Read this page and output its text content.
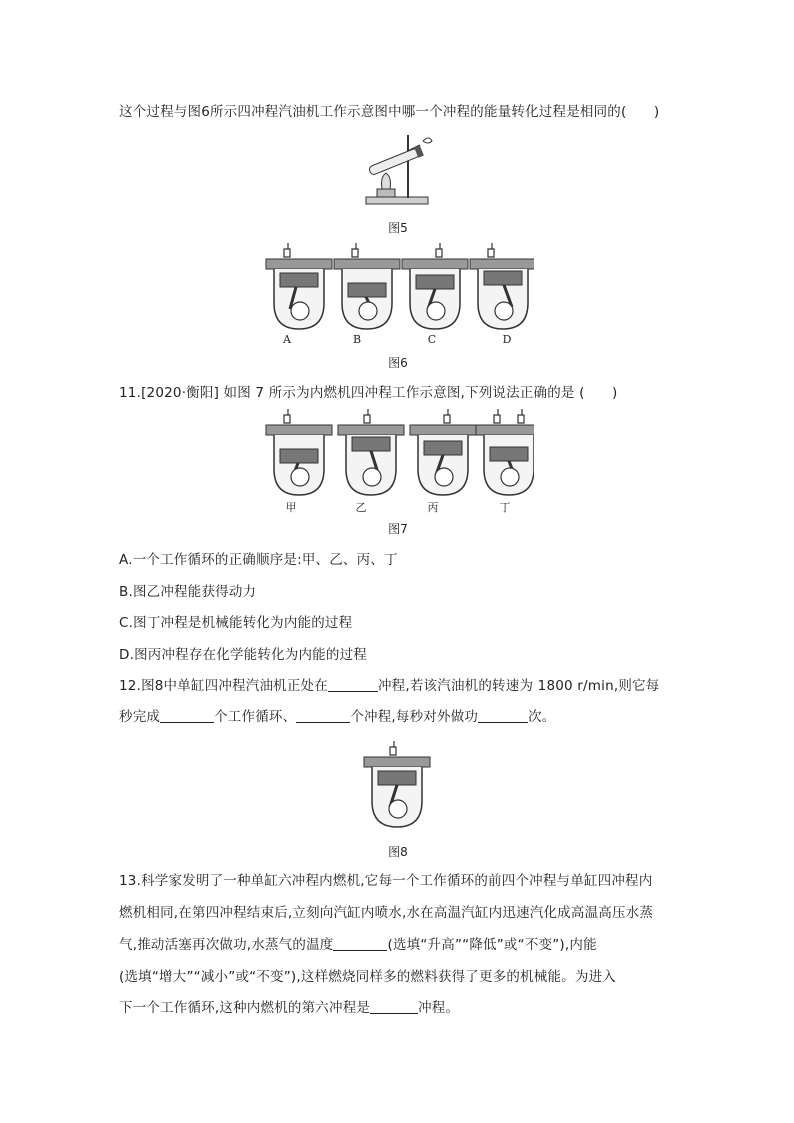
这个过程与图6所示四冲程汽油机工作示意图中哪一个冲程的能量转化过程是相同的(　　)
图5
A	B	C	D
图6
11.[2020·衡阳] 如图 7 所示为内燃机四冲程工作示意图,下列说法正确的是 (　　)
甲	乙	丙	丁
图7
A.一个工作循环的正确顺序是:甲、乙、丙、丁
B.图乙冲程能获得动力
C.图丁冲程是机械能转化为内能的过程
D.图丙冲程存在化学能转化为内能的过程
12.图8中单缸四冲程汽油机正处在	冲程,若该汽油机的转速为 1800 r/min,则它每
秒完成	个工作循环、	个冲程,每秒对外做功	次。
图8
13.科学家发明了一种单缸六冲程内燃机,它每一个工作循环的前四个冲程与单缸四冲程内
燃机相同,在第四冲程结束后,立刻向汽缸内喷水,水在高温汽缸内迅速汽化成高温高压水蒸
气,推动活塞再次做功,水蒸气的温度	(选填“升高”“降低”或“不变”),内能
(选填“增大”“减小”或“不变”),这样燃烧同样多的燃料获得了更多的机械能。为进入
下一个工作循环,这种内燃机的第六冲程是	冲程。
